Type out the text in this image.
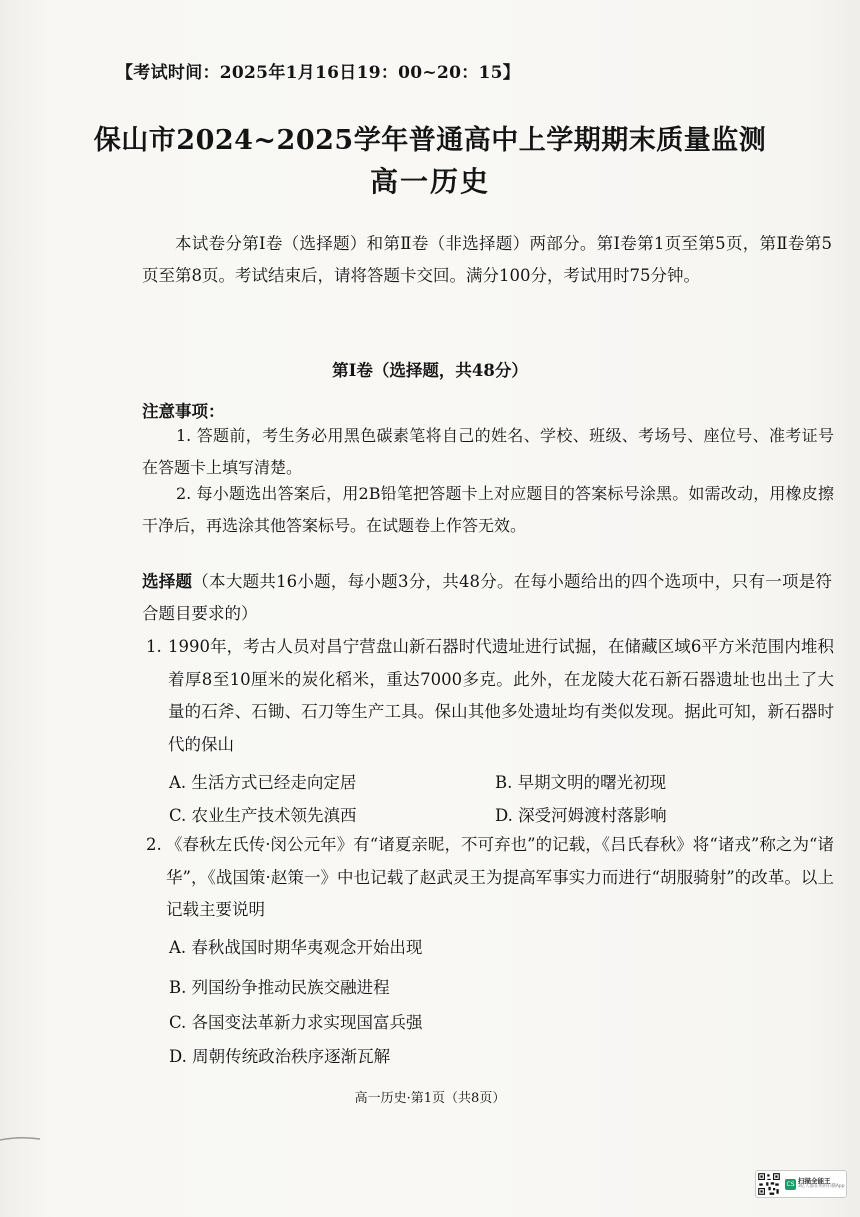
【考试时间：2025年1月16日19：00~20：15】
保山市2024~2025学年普通高中上学期期末质量监测
高一历史
本试卷分第Ⅰ卷（选择题）和第Ⅱ卷（非选择题）两部分。第Ⅰ卷第1页至第5页，第Ⅱ卷第5页至第8页。考试结束后，请将答题卡交回。满分100分，考试用时75分钟。
第Ⅰ卷（选择题，共48分）
注意事项：
1. 答题前，考生务必用黑色碳素笔将自己的姓名、学校、班级、考场号、座位号、准考证号在答题卡上填写清楚。
2. 每小题选出答案后，用2B铅笔把答题卡上对应题目的答案标号涂黑。如需改动，用橡皮擦干净后，再选涂其他答案标号。在试题卷上作答无效。
选择题（本大题共16小题，每小题3分，共48分。在每小题给出的四个选项中，只有一项是符合题目要求的）
1. 1990年，考古人员对昌宁营盘山新石器时代遗址进行试掘，在储藏区域6平方米范围内堆积着厚8至10厘米的炭化稻米，重达7000多克。此外，在龙陵大花石新石器遗址也出土了大量的石斧、石锄、石刀等生产工具。保山其他多处遗址均有类似发现。据此可知，新石器时代的保山
A. 生活方式已经走向定居	B. 早期文明的曙光初现
C. 农业生产技术领先滇西	D. 深受河姆渡村落影响
2. 《春秋左氏传·闵公元年》有“诸夏亲昵，不可弃也”的记载，《吕氏春秋》将“诸戎”称之为“诸华”，《战国策·赵策一》中也记载了赵武灵王为提高军事实力而进行“胡服骑射”的改革。以上记载主要说明
A. 春秋战国时期华夷观念开始出现
B. 列国纷争推动民族交融进程
C. 各国变法革新力求实现国富兵强
D. 周朝传统政治秩序逐渐瓦解
高一历史·第1页（共8页）
CS 扫描全能王
3亿人都在用的扫描App
